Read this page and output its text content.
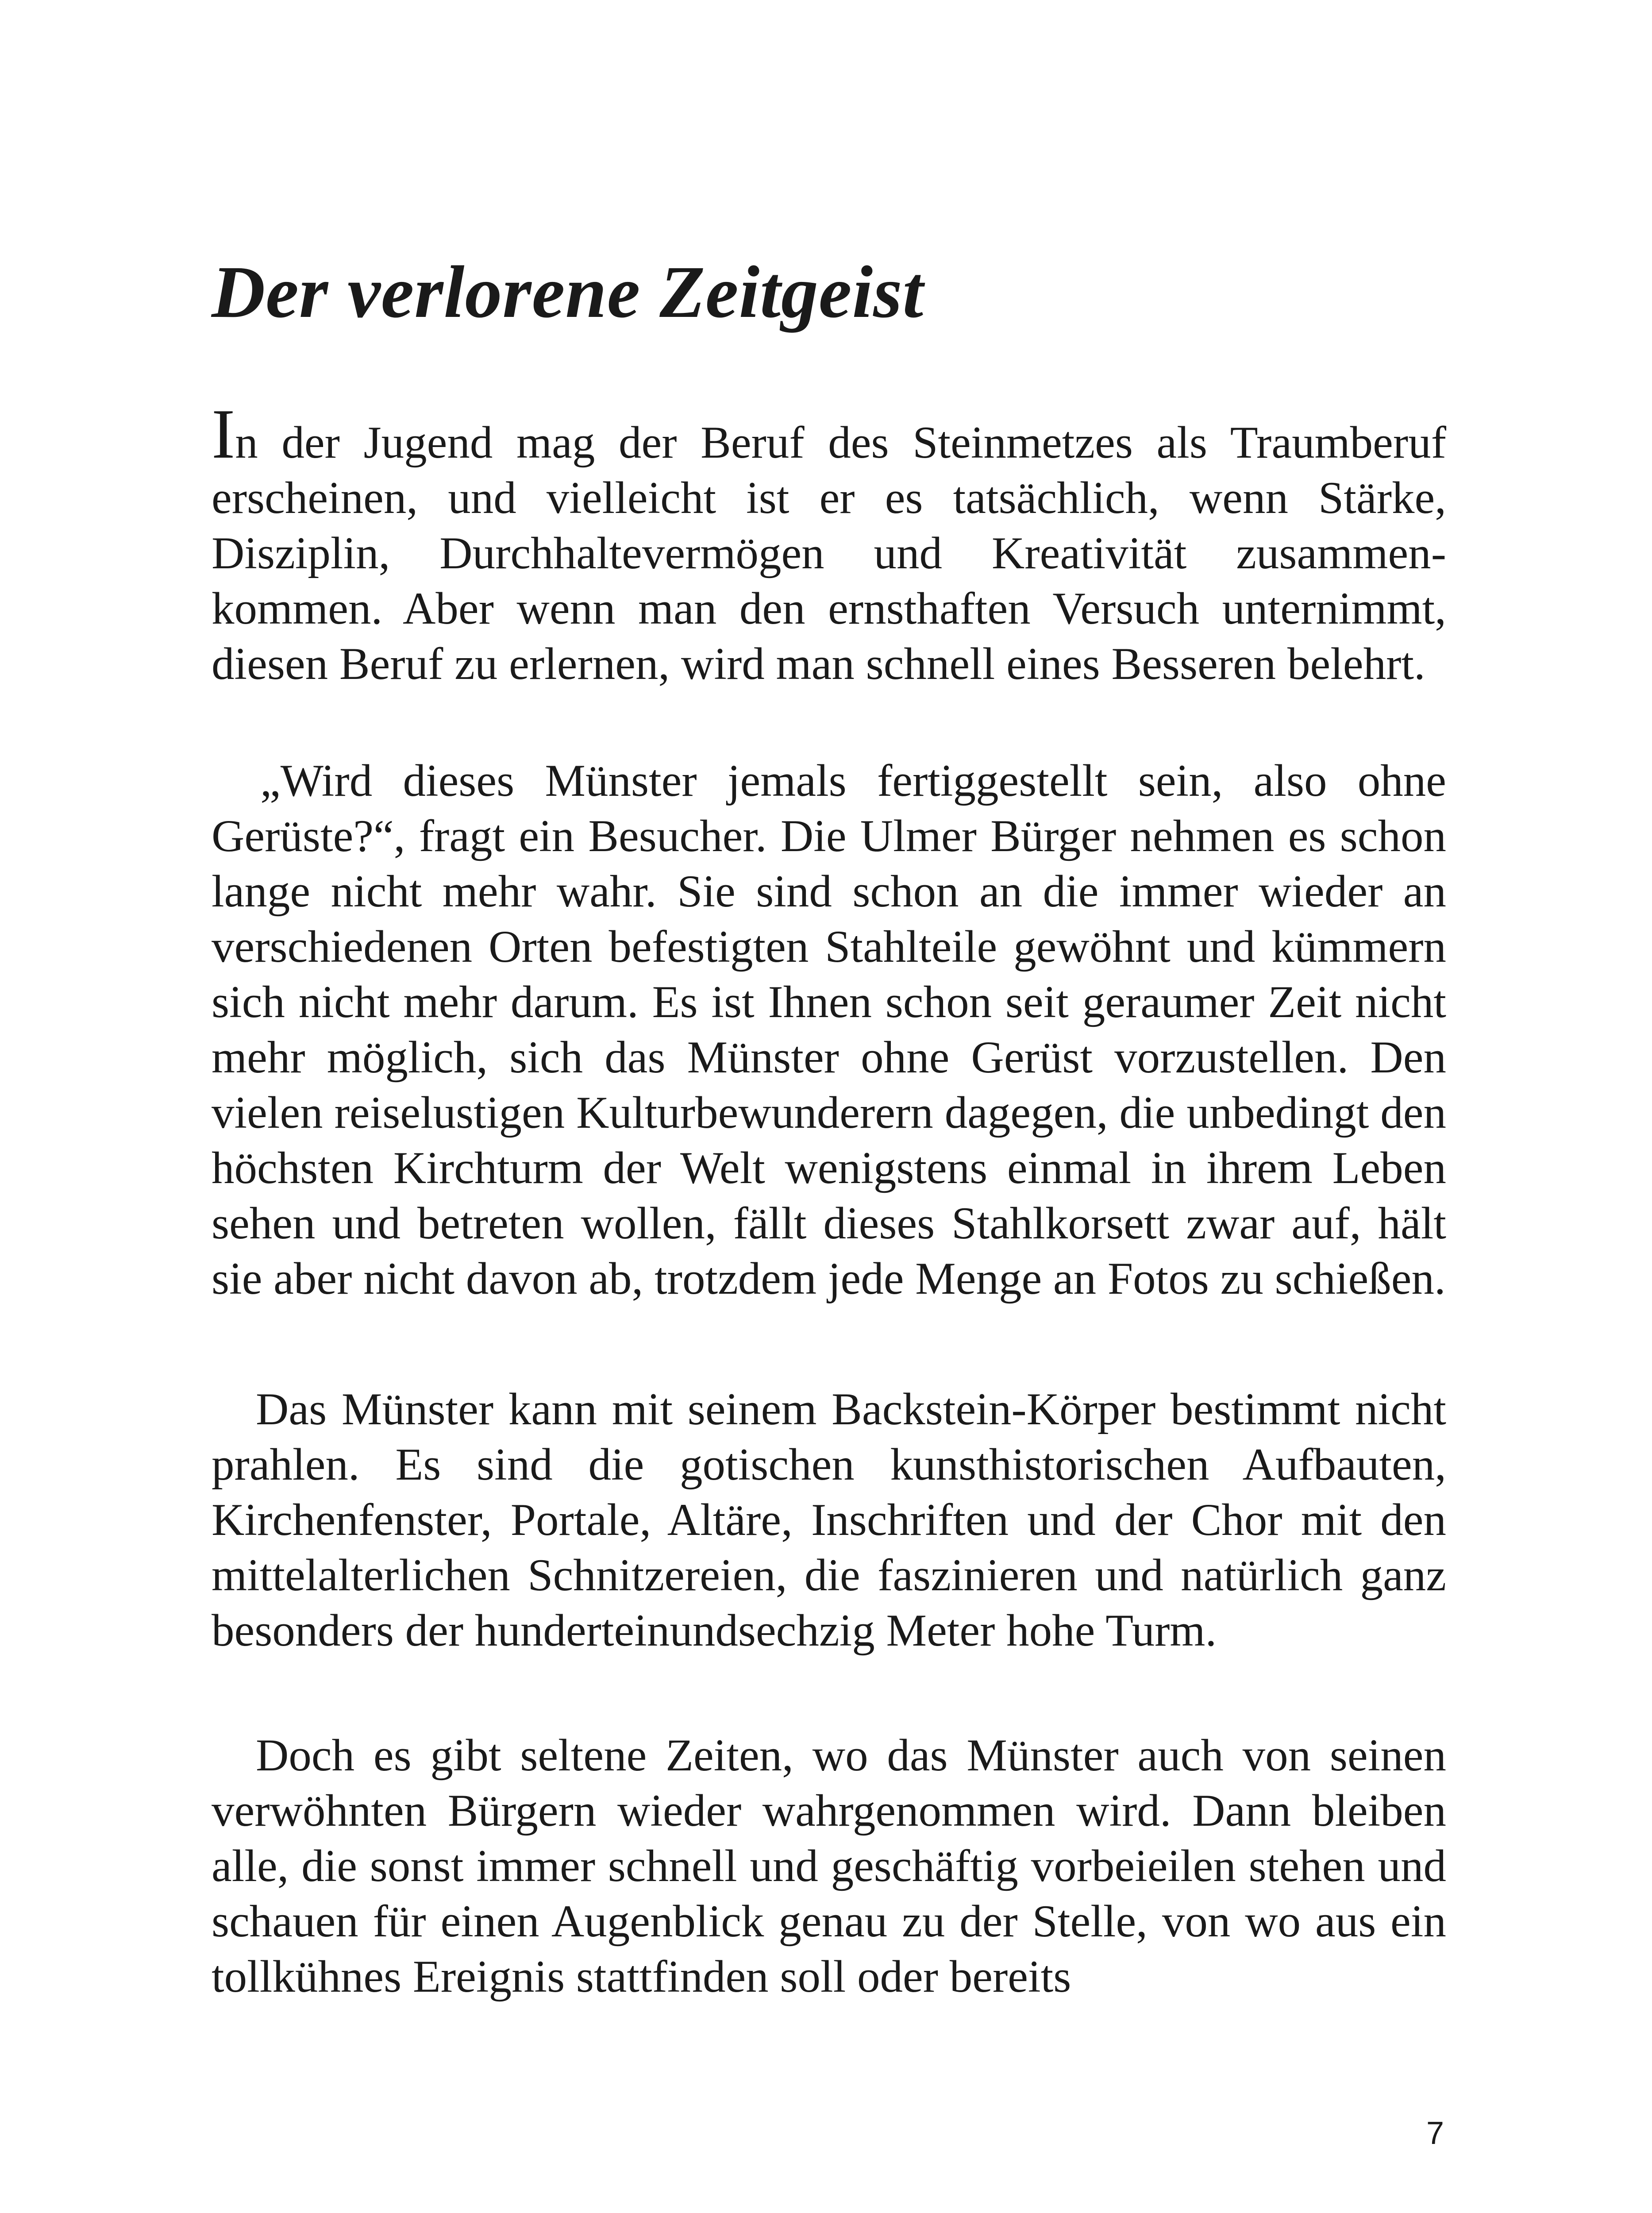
Der verlorene Zeitgeist

In der Jugend mag der Beruf des Steinmetzes als Traumberuf erscheinen, und vielleicht ist er es tatsächlich, wenn Stärke, Disziplin, Durchhaltevermögen und Kreativität zusammenkommen. Aber wenn man den ernsthaften Versuch unternimmt, diesen Beruf zu erlernen, wird man schnell eines Besseren belehrt.

„Wird dieses Münster jemals fertiggestellt sein, also ohne Gerüste?“, fragt ein Besucher. Die Ulmer Bürger nehmen es schon lange nicht mehr wahr. Sie sind schon an die immer wieder an verschiedenen Orten befestigten Stahlteile gewöhnt und kümmern sich nicht mehr darum. Es ist Ihnen schon seit geraumer Zeit nicht mehr möglich, sich das Münster ohne Gerüst vorzustellen. Den vielen reiselustigen Kulturbewunderern dagegen, die unbedingt den höchsten Kirchturm der Welt wenigstens einmal in ihrem Leben sehen und betreten wollen, fällt dieses Stahlkorsett zwar auf, hält sie aber nicht davon ab, trotzdem jede Menge an Fotos zu schießen.

Das Münster kann mit seinem Backstein-Körper bestimmt nicht prahlen. Es sind die gotischen kunsthistorischen Aufbauten, Kirchenfenster, Portale, Altäre, Inschriften und der Chor mit den mittelalterlichen Schnitzereien, die faszinieren und natürlich ganz besonders der hunderteinundsechzig Meter hohe Turm.

Doch es gibt seltene Zeiten, wo das Münster auch von seinen verwöhnten Bürgern wieder wahrgenommen wird. Dann bleiben alle, die sonst immer schnell und geschäftig vorbeieilen stehen und schauen für einen Augenblick genau zu der Stelle, von wo aus ein tollkühnes Ereignis stattfinden soll oder bereits

7
